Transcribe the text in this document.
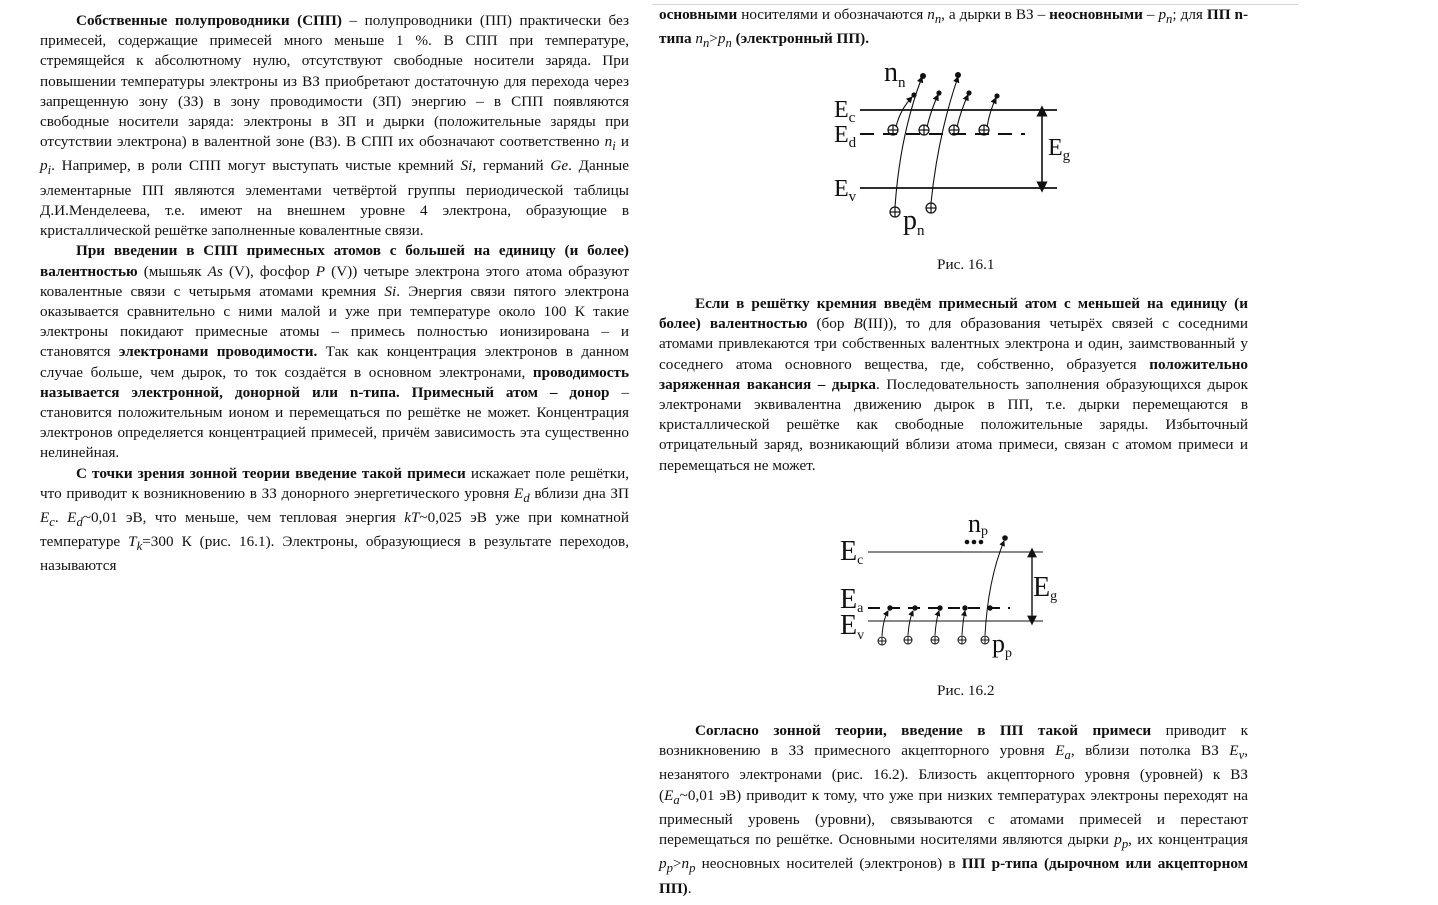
Собственные полупроводники (СПП) – полупроводники (ПП) практически без примесей, содержащие примесей много меньше 1 %. В СПП при температуре, стремящейся к абсолютному нулю, отсутствуют свободные носители заряда. При повышении температуры электроны из ВЗ приобретают достаточную для перехода через запрещенную зону (ЗЗ) в зону проводимости (ЗП) энергию – в СПП появляются свободные носители заряда: электроны в ЗП и дырки (положительные заряды при отсутствии электрона) в валентной зоне (ВЗ). В СПП их обозначают соответственно $n_i$ и $p_i$. Например, в роли СПП могут выступать чистые кремний Si, германий Ge. Данные элементарные ПП являются элементами четвёртой группы периодической таблицы Д.И.Менделеева, т.е. имеют на внешнем уровне 4 электрона, образующие в кристаллической решётке заполненные ковалентные связи.

При введении в СПП примесных атомов с большей на единицу (и более) валентностью (мышьяк As (V), фосфор P (V)) четыре электрона этого атома образуют ковалентные связи с четырьмя атомами кремния Si. Энергия связи пятого электрона оказывается сравнительно с ними малой и уже при температуре около 100 К такие электроны покидают примесные атомы – примесь полностью ионизирована – и становятся электронами проводимости. Так как концентрация электронов в данном случае больше, чем дырок, то ток создаётся в основном электронами, проводимость называется электронной, донорной или n-типа. Примесный атом – донор – становится положительным ионом и перемещаться по решётке не может. Концентрация электронов определяется концентрацией примесей, причём зависимость эта существенно нелинейная.

С точки зрения зонной теории введение такой примеси искажает поле решётки, что приводит к возникновению в ЗЗ донорного энергетического уровня $E_d$ вблизи дна ЗП $E_c$. $E_d\sim 0,01$ эВ, что меньше, чем тепловая энергия kT~0,025 эВ уже при комнатной температуре $T_k=300$ К (рис. 16.1). Электроны, образующиеся в результате переходов, называются

основными носителями и обозначаются $n_n$, а дырки в ВЗ – неосновными – $p_n$; для ПП n-типа $n_n>p_n$ (электронный ПП).

$E_c$
$E_d$
$E_v$
$E_g$
$n_n$
$p_n$
Рис. 16.1

Если в решётку кремния введём примесный атом с меньшей на единицу (и более) валентностью (бор B(III)), то для образования четырёх связей с соседними атомами привлекаются три собственных валентных электрона и один, заимствованный у соседнего атома основного вещества, где, собственно, образуется положительно заряженная вакансия – дырка. Последовательность заполнения образующихся дырок электронами эквивалентна движению дырок в ПП, т.е. дырки перемещаются в кристаллической решётке как свободные положительные заряды. Избыточный отрицательный заряд, возникающий вблизи атома примеси, связан с атомом примеси и перемещаться не может.

Ec
Ea
Ev
Eg
np
pp
Рис. 16.2

Согласно зонной теории, введение в ПП такой примеси приводит к возникновению в ЗЗ примесного акцепторного уровня $E_a$, вблизи потолка ВЗ $E_v$, незанятого электронами (рис. 16.2). Близость акцепторного уровня (уровней) к ВЗ ($E_a\sim 0,01$ эВ) приводит к тому, что уже при низких температурах электроны переходят на примесный уровень (уровни), связываются с атомами примесей и перестают перемещаться по решётке. Основными носителями являются дырки $p_p$, их концентрация $p_p>n_p$ неосновных носителей (электронов) в ПП p-типа (дырочном или акцепторном ПП).
